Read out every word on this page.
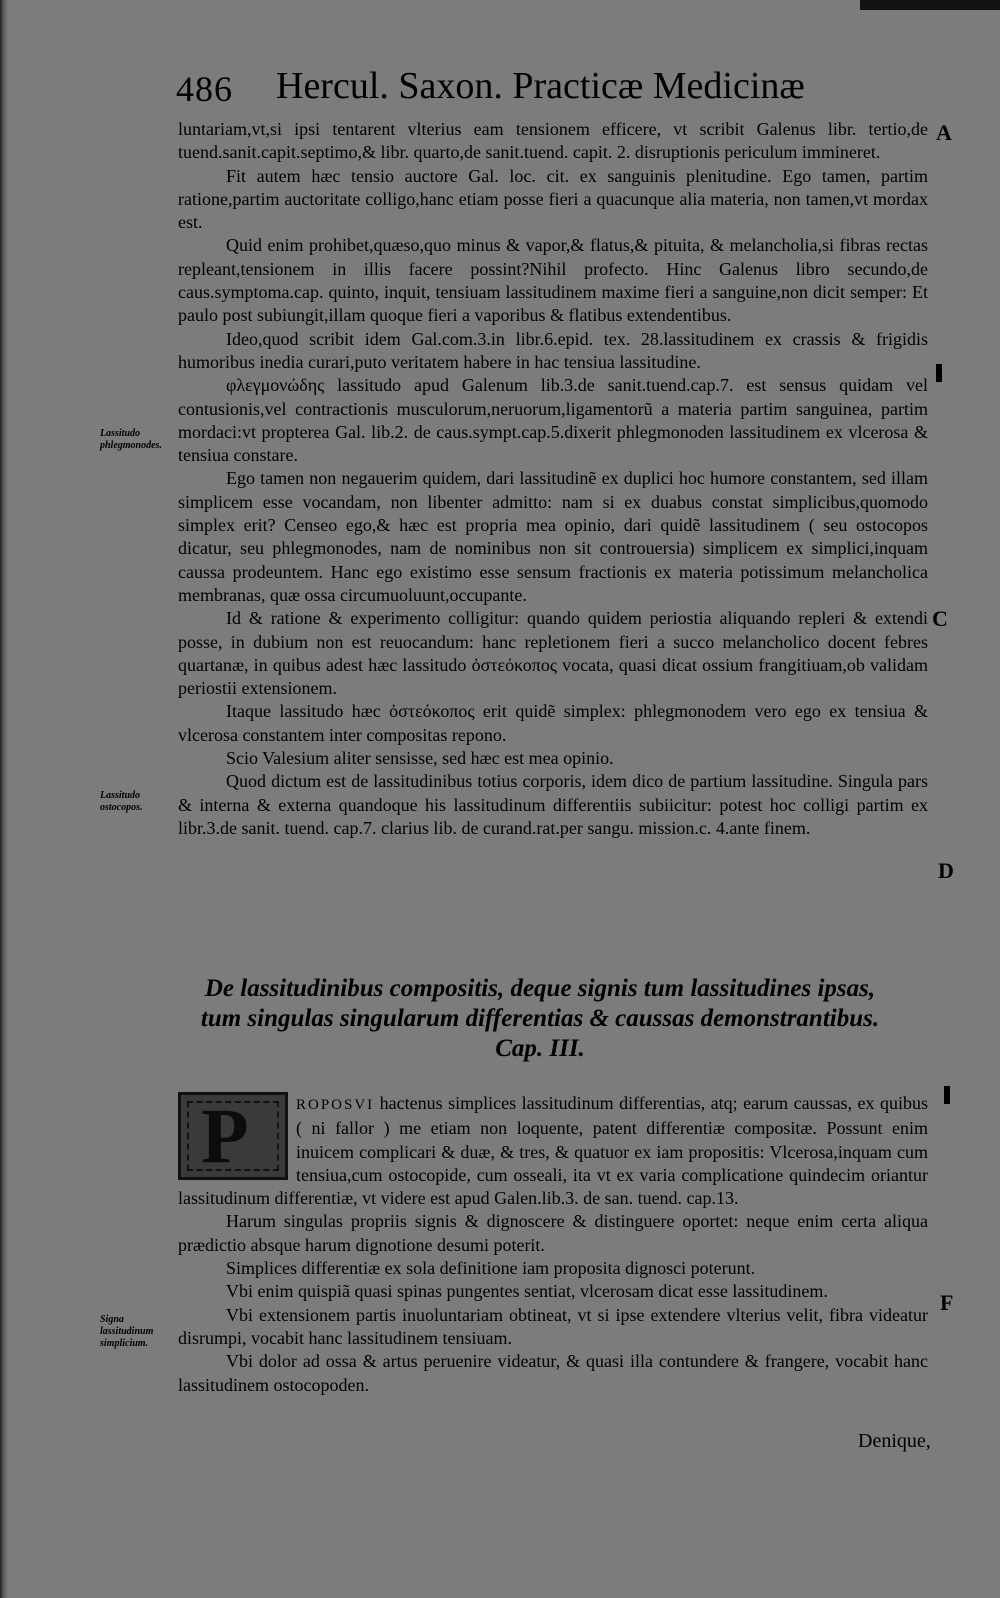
486 Hercul. Saxon. Practicæ Medicinæ

luntariam,vt,si ipsi tentarent vlterius eam tensionem efficere, vt scribit Galenus libr. tertio,de tuend.sanit.capit.septimo,& libr. quarto,de sanit.tuend. capit. 2. disruptionis periculum immineret.

Fit autem hæc tensio auctore Gal. loc. cit. ex sanguinis plenitudine. Ego tamen, partim ratione,partim auctoritate colligo,hanc etiam posse fieri a quacunque alia materia, non tamen,vt mordax est.

Quid enim prohibet,quæso,quo minus & vapor,& flatus,& pituita, & melancholia,si fibras rectas repleant,tensionem in illis facere possint?Nihil profecto. Hinc Galenus libro secundo,de caus.symptoma.cap. quinto, inquit, tensiuam lassitudinem maxime fieri a sanguine,non dicit semper: Et paulo post subiungit,illam quoque fieri a vaporibus & flatibus extendentibus.

Ideo,quod scribit idem Gal.com.3.in libr.6.epid. tex. 28.lassitudinem ex crassis & frigidis humoribus inedia curari,puto veritatem habere in hac tensiua lassitudine.

φλεγμονώδης lassitudo apud Galenum lib.3.de sanit.tuend.cap.7. est sensus quidam vel contusionis,vel contractionis musculorum,neruorum,ligamentorũ a materia partim sanguinea, partim mordaci:vt propterea Gal. lib.2. de caus.sympt.cap.5.dixerit phlegmonoden lassitudinem ex vlcerosa & tensiua constare.

Ego tamen non negauerim quidem, dari lassitudinẽ ex duplici hoc humore constantem, sed illam simplicem esse vocandam, non libenter admitto: nam si ex duabus constat simplicibus,quomodo simplex erit? Censeo ego,& hæc est propria mea opinio, dari quidẽ lassitudinem ( seu ostocopos dicatur, seu phlegmonodes, nam de nominibus non sit controuersia) simplicem ex simplici,inquam caussa prodeuntem. Hanc ego existimo esse sensum fractionis ex materia potissimum melancholica membranas, quæ ossa circumuoluunt,occupante.

Id & ratione & experimento colligitur: quando quidem periostia aliquando repleri & extendi posse, in dubium non est reuocandum: hanc repletionem fieri a succo melancholico docent febres quartanæ, in quibus adest hæc lassitudo ὀστεόκοπος vocata, quasi dicat ossium frangitiuam,ob validam periostii extensionem.

Itaque lassitudo hæc ὀστεόκοπος erit quidẽ simplex: phlegmonodem vero ego ex tensiua & vlcerosa constantem inter compositas repono.

Scio Valesium aliter sensisse, sed hæc est mea opinio.

Quod dictum est de lassitudinibus totius corporis, idem dico de partium lassitudine. Singula pars & interna & externa quandoque his lassitudinum differentiis subiicitur: potest hoc colligi partim ex libr.3.de sanit. tuend. cap.7. clarius lib. de curand.rat.per sangu. mission.c. 4.ante finem.

De lassitudinibus compositis, deque signis tum lassitudines ipsas, tum singulas singularum differentias & caussas demonstrantibus. Cap. III.
P	ROPOSVI hactenus simplices lassitudinum differentias, atq; earum caussas, ex quibus ( ni fallor ) me etiam non loquente, patent differentiæ compositæ. Possunt enim inuicem complicari & duæ, & tres, & quatuor ex iam propositis: Vlcerosa,inquam cum tensiua,cum ostocopide, cum osseali, ita vt ex varia complicatione quindecim oriantur lassitudinum differentiæ, vt videre est apud Galen.lib.3. de san. tuend. cap.13.

Harum singulas propriis signis & dignoscere & distinguere oportet: neque enim certa aliqua prædictio absque harum dignotione desumi poterit.

Simplices differentiæ ex sola definitione iam proposita dignosci poterunt.

Vbi enim quispiã quasi spinas pungentes sentiat, vlcerosam dicat esse lassitudinem.

Vbi extensionem partis inuoluntariam obtineat, vt si ipse extendere vlterius velit, fibra videatur disrumpi, vocabit hanc lassitudinem tensiuam.

Vbi dolor ad ossa & artus peruenire videatur, & quasi illa contundere & frangere, vocabit hanc lassitudinem ostocopoden.

Lassitudo phlegmonodes.
Lassitudo ostocopos.
Signa lassitudinum simplicium.
A
C
D
F
Denique,
